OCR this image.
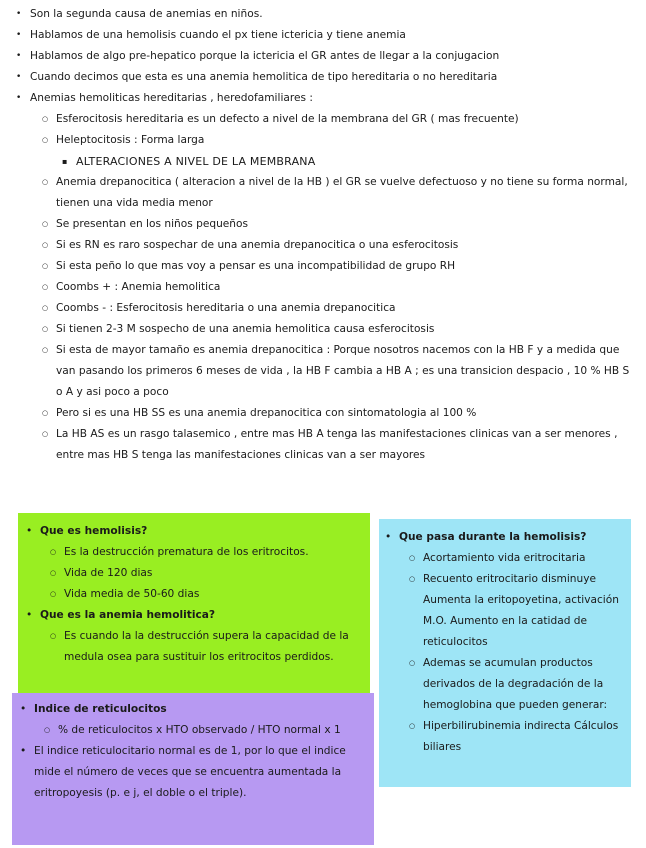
• Son la segunda causa de anemias en niños.
• Hablamos de una hemolisis cuando el px tiene ictericia y tiene anemia
• Hablamos de algo pre-hepatico porque la ictericia el GR antes de llegar a la conjugacion
• Cuando decimos que esta es una anemia hemolitica de tipo hereditaria o no hereditaria
• Anemias hemoliticas hereditarias , heredofamiliares :
○ Esferocitosis hereditaria es un defecto a nivel de la membrana del GR ( mas frecuente)
○ Heleptocitosis : Forma larga
▪ ALTERACIONES A NIVEL DE LA MEMBRANA
○ Anemia drepanocitica ( alteracion a nivel de la HB ) el GR se vuelve defectuoso y no tiene su forma normal, tienen una vida media menor
○ Se presentan en los niños pequeños
○ Si es RN es raro sospechar de una anemia drepanocitica o una esferocitosis
○ Si esta peño lo que mas voy a pensar es una incompatibilidad de grupo RH
○ Coombs + : Anemia hemolitica
○ Coombs - : Esferocitosis hereditaria o una anemia drepanocitica
○ Si tienen 2-3 M sospecho de una anemia hemolitica causa esferocitosis
○ Si esta de mayor tamaño es anemia drepanocitica : Porque nosotros nacemos con la HB F y a medida que van pasando los primeros 6 meses de vida , la HB F cambia a HB A ; es una transicion despacio , 10 % HB S o A y asi poco a poco
○ Pero si es una HB SS es una anemia drepanocitica con sintomatologia al 100 %
○ La HB AS es un rasgo talasemico , entre mas HB A tenga las manifestaciones clinicas van a ser menores , entre mas HB S tenga las manifestaciones clinicas van a ser mayores
• Que es hemolisis?
○ Es la destrucción prematura de los eritrocitos.
○ Vida de 120 dias
○ Vida media de 50-60 dias
• Que es la anemia hemolitica?
○ Es cuando la la destrucción supera la capacidad de la medula osea para sustituir los eritrocitos perdidos.
• Que pasa durante la hemolisis?
○ Acortamiento vida eritrocitaria
○ Recuento eritrocitario disminuye Aumenta la eritopoyetina, activación M.O. Aumento en la catidad de reticulocitos
○ Ademas se acumulan productos derivados de la degradación de la hemoglobina que pueden generar:
○ Hiperbilirubinemia indirecta Cálculos biliares
• Indice de reticulocitos
○ % de reticulocitos x HTO observado / HTO normal x 1
• El indice reticulocitario normal es de 1, por lo que el indice mide el número de veces que se encuentra aumentada la eritropoyesis (p. e j, el doble o el triple).
